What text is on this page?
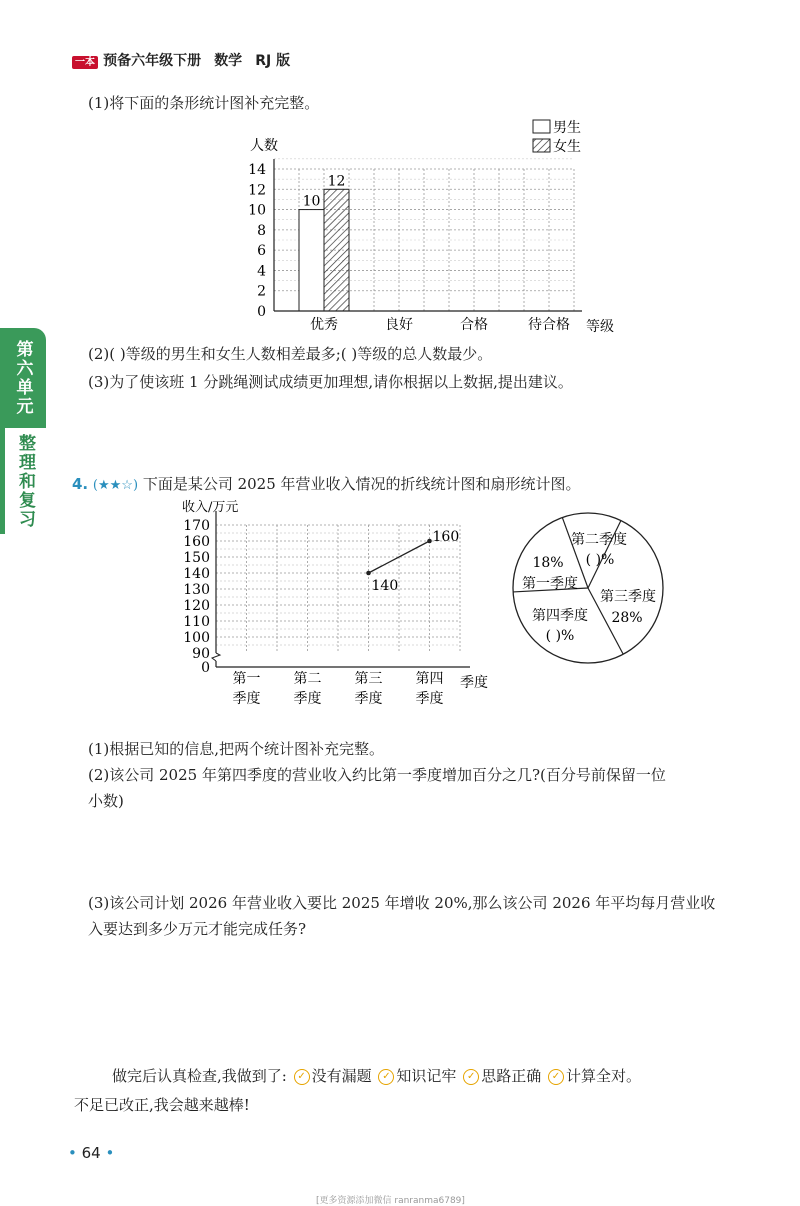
一本 预备六年级下册 数学 RJ 版
第六单元
整理和复习
(1)将下面的条形统计图补充完整。
10
12
0
2
4
6
8
10
12
14
人数
等级
优秀	良好	合格	待合格
男生
女生
(2)( )等级的男生和女生人数相差最多;( )等级的总人数最少。
(3)为了使该班 1 分跳绳测试成绩更加理想,请你根据以上数据,提出建议。
4. (★★☆) 下面是某公司 2025 年营业收入情况的折线统计图和扇形统计图。
140
160
0
90
100
110
120
130
140
150
160
170
收入/万元
季度
第一
季度
第二
季度
第三
季度
第四
季度
18%
第一季度
第二季度
( )%
第三季度
28%
第四季度
( )%
(1)根据已知的信息,把两个统计图补充完整。
(2)该公司 2025 年第四季度的营业收入约比第一季度增加百分之几?(百分号前保留一位
小数)
(3)该公司计划 2026 年营业收入要比 2025 年增收 20%,那么该公司 2026 年平均每月营业收
入要达到多少万元才能完成任务?
做完后认真检查,我做到了: ✓ 没有漏题 ✓ 知识记牢 ✓ 思路正确 ✓ 计算全对。
不足已改正,我会越来越棒!
• 64 •
[更多资源添加微信 ranranma6789]
